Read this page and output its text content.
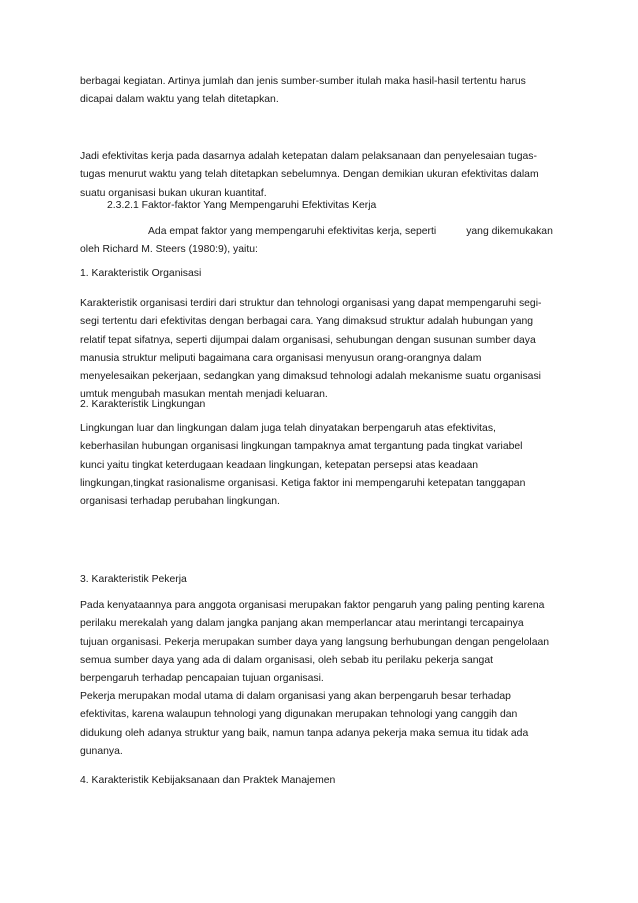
berbagai kegiatan. Artinya jumlah dan jenis sumber-sumber itulah maka hasil-hasil tertentu harus
dicapai dalam waktu yang telah ditetapkan.

Jadi efektivitas kerja pada dasarnya adalah ketepatan dalam pelaksanaan dan penyelesaian tugas-
tugas menurut waktu yang telah ditetapkan sebelumnya. Dengan demikian ukuran efektivitas dalam
suatu organisasi bukan ukuran kuantitaf.

2.3.2.1 Faktor-faktor Yang Mempengaruhi Efektivitas Kerja

Ada empat faktor yang mempengaruhi efektivitas kerja, seperti	yang dikemukakan
oleh Richard M. Steers (1980:9), yaitu:

1. Karakteristik Organisasi

Karakteristik organisasi terdiri dari struktur dan tehnologi organisasi yang dapat mempengaruhi segi-
segi tertentu dari efektivitas dengan berbagai cara. Yang dimaksud struktur adalah hubungan yang
relatif tepat sifatnya, seperti dijumpai dalam organisasi, sehubungan dengan susunan sumber daya
manusia struktur meliputi bagaimana cara organisasi menyusun orang-orangnya dalam
menyelesaikan pekerjaan, sedangkan yang dimaksud tehnologi adalah mekanisme suatu organisasi
umtuk mengubah masukan mentah menjadi keluaran.

2. Karakteristik Lingkungan

Lingkungan luar dan lingkungan dalam juga telah dinyatakan berpengaruh atas efektivitas,
keberhasilan hubungan organisasi lingkungan tampaknya amat tergantung pada tingkat variabel
kunci yaitu tingkat keterdugaan keadaan lingkungan, ketepatan persepsi atas keadaan
lingkungan,tingkat rasionalisme organisasi. Ketiga faktor ini mempengaruhi ketepatan tanggapan
organisasi terhadap perubahan lingkungan.

3. Karakteristik Pekerja

Pada kenyataannya para anggota organisasi merupakan faktor pengaruh yang paling penting karena
perilaku merekalah yang dalam jangka panjang akan memperlancar atau merintangi tercapainya
tujuan organisasi. Pekerja merupakan sumber daya yang langsung berhubungan dengan pengelolaan
semua sumber daya yang ada di dalam organisasi, oleh sebab itu perilaku pekerja sangat
berpengaruh terhadap pencapaian tujuan organisasi.

Pekerja merupakan modal utama di dalam organisasi yang akan berpengaruh besar terhadap
efektivitas, karena walaupun tehnologi yang digunakan merupakan tehnologi yang canggih dan
didukung oleh adanya struktur yang baik, namun tanpa adanya pekerja maka semua itu tidak ada
gunanya.

4. Karakteristik Kebijaksanaan dan Praktek Manajemen
